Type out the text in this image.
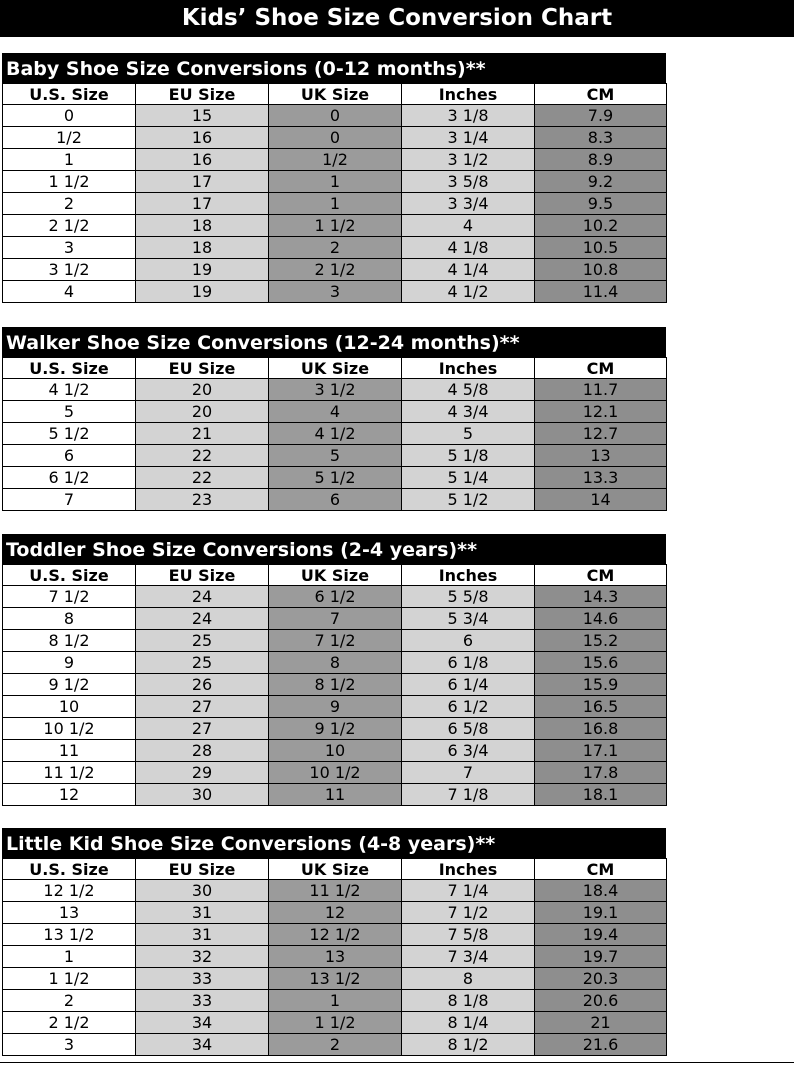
Kids’ Shoe Size Conversion Chart
Baby Shoe Size Conversions (0-12 months)**
U.S. Size	EU Size	UK Size	Inches	CM
0	15	0	3 1/8	7.9
1/2	16	0	3 1/4	8.3
1	16	1/2	3 1/2	8.9
1 1/2	17	1	3 5/8	9.2
2	17	1	3 3/4	9.5
2 1/2	18	1 1/2	4	10.2
3	18	2	4 1/8	10.5
3 1/2	19	2 1/2	4 1/4	10.8
4	19	3	4 1/2	11.4
Walker Shoe Size Conversions (12-24 months)**
U.S. Size	EU Size	UK Size	Inches	CM
4 1/2	20	3 1/2	4 5/8	11.7
5	20	4	4 3/4	12.1
5 1/2	21	4 1/2	5	12.7
6	22	5	5 1/8	13
6 1/2	22	5 1/2	5 1/4	13.3
7	23	6	5 1/2	14
Toddler Shoe Size Conversions (2-4 years)**
U.S. Size	EU Size	UK Size	Inches	CM
7 1/2	24	6 1/2	5 5/8	14.3
8	24	7	5 3/4	14.6
8 1/2	25	7 1/2	6	15.2
9	25	8	6 1/8	15.6
9 1/2	26	8 1/2	6 1/4	15.9
10	27	9	6 1/2	16.5
10 1/2	27	9 1/2	6 5/8	16.8
11	28	10	6 3/4	17.1
11 1/2	29	10 1/2	7	17.8
12	30	11	7 1/8	18.1
Little Kid Shoe Size Conversions (4-8 years)**
U.S. Size	EU Size	UK Size	Inches	CM
12 1/2	30	11 1/2	7 1/4	18.4
13	31	12	7 1/2	19.1
13 1/2	31	12 1/2	7 5/8	19.4
1	32	13	7 3/4	19.7
1 1/2	33	13 1/2	8	20.3
2	33	1	8 1/8	20.6
2 1/2	34	1 1/2	8 1/4	21
3	34	2	8 1/2	21.6
